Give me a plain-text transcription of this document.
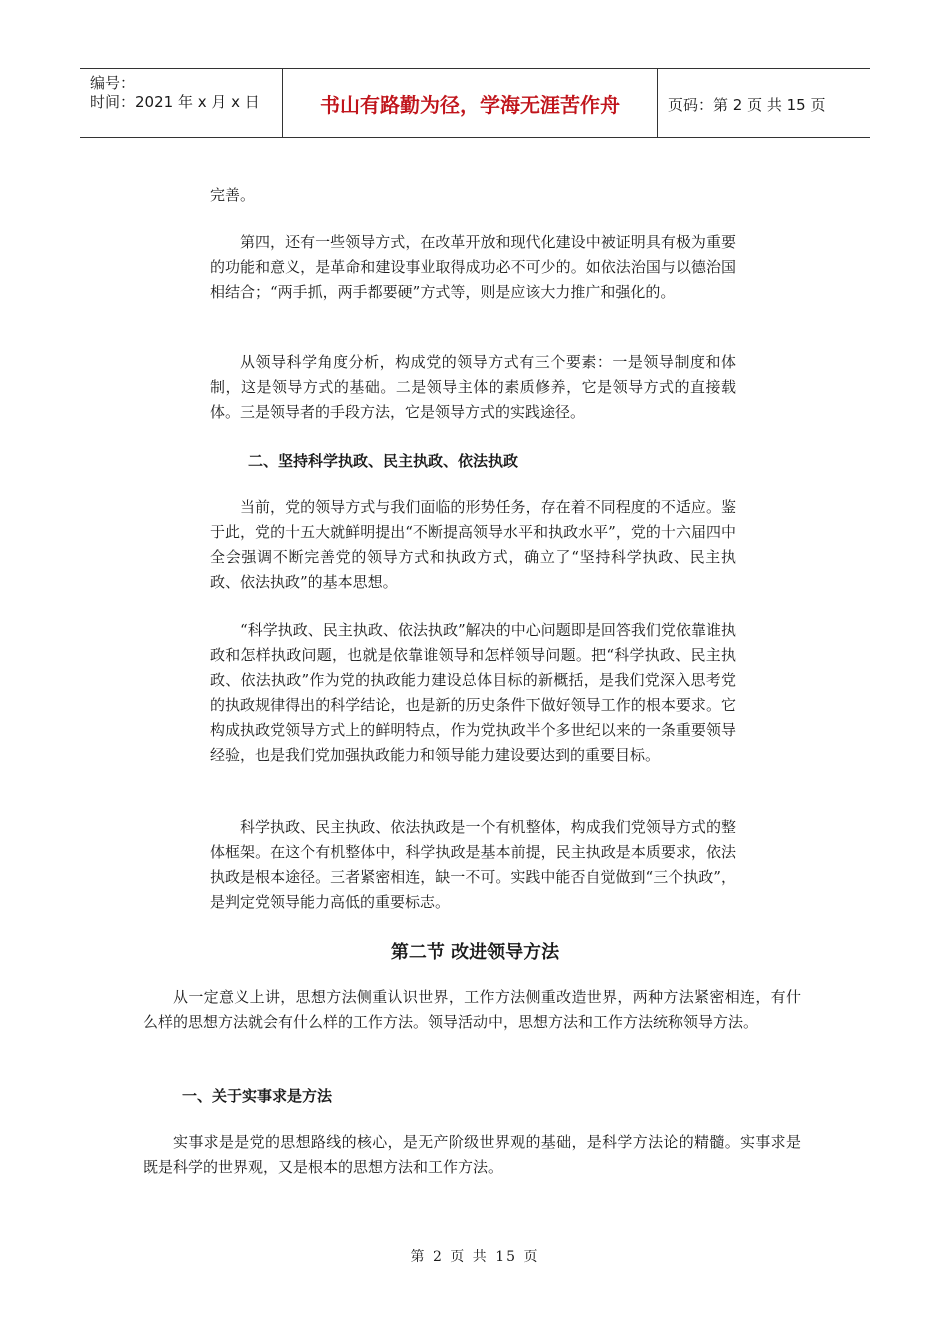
编号：
时间：2021 年 x 月 x 日	书山有路勤为径，学海无涯苦作舟	页码：第 2 页 共 15 页

完善。

第四，还有一些领导方式，在改革开放和现代化建设中被证明具有极为重要的功能和意义，是革命和建设事业取得成功必不可少的。如依法治国与以德治国相结合；“两手抓，两手都要硬”方式等，则是应该大力推广和强化的。

从领导科学角度分析，构成党的领导方式有三个要素：一是领导制度和体制，这是领导方式的基础。二是领导主体的素质修养，它是领导方式的直接载体。三是领导者的手段方法，它是领导方式的实践途径。

二、坚持科学执政、民主执政、依法执政

当前，党的领导方式与我们面临的形势任务，存在着不同程度的不适应。鉴于此，党的十五大就鲜明提出“不断提高领导水平和执政水平”，党的十六届四中全会强调不断完善党的领导方式和执政方式，确立了“坚持科学执政、民主执政、依法执政”的基本思想。

“科学执政、民主执政、依法执政”解决的中心问题即是回答我们党依靠谁执政和怎样执政问题，也就是依靠谁领导和怎样领导问题。把“科学执政、民主执政、依法执政”作为党的执政能力建设总体目标的新概括，是我们党深入思考党的执政规律得出的科学结论，也是新的历史条件下做好领导工作的根本要求。它构成执政党领导方式上的鲜明特点，作为党执政半个多世纪以来的一条重要领导经验，也是我们党加强执政能力和领导能力建设要达到的重要目标。

科学执政、民主执政、依法执政是一个有机整体，构成我们党领导方式的整体框架。在这个有机整体中，科学执政是基本前提，民主执政是本质要求，依法执政是根本途径。三者紧密相连，缺一不可。实践中能否自觉做到“三个执政”，是判定党领导能力高低的重要标志。

第二节 改进领导方法

从一定意义上讲，思想方法侧重认识世界，工作方法侧重改造世界，两种方法紧密相连，有什么样的思想方法就会有什么样的工作方法。领导活动中，思想方法和工作方法统称领导方法。

一、关于实事求是方法

实事求是是党的思想路线的核心，是无产阶级世界观的基础，是科学方法论的精髓。实事求是既是科学的世界观，又是根本的思想方法和工作方法。

第 2 页 共 15 页
